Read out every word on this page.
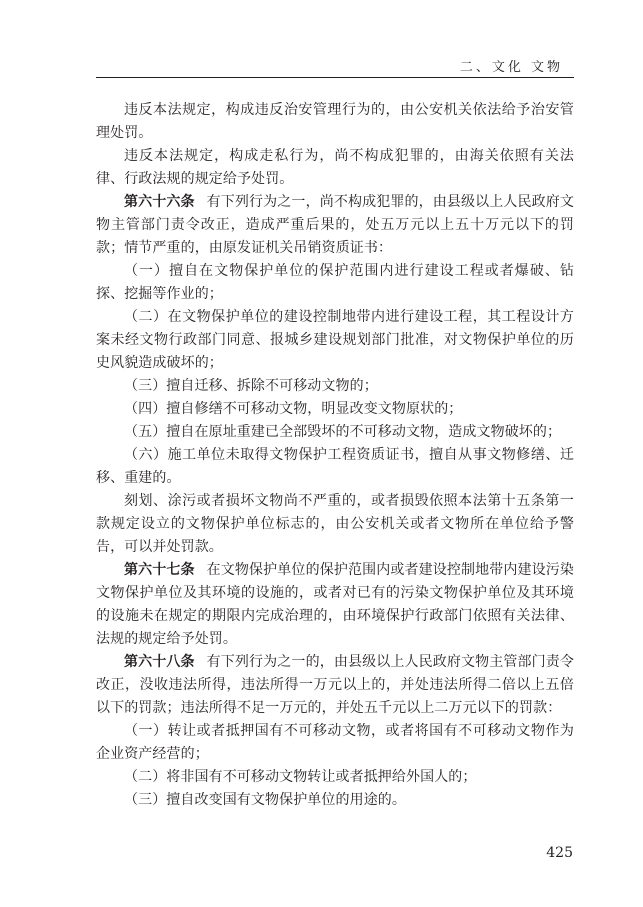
二、文化 文物

违反本法规定，构成违反治安管理行为的，由公安机关依法给予治安管理处罚。

违反本法规定，构成走私行为，尚不构成犯罪的，由海关依照有关法律、行政法规的规定给予处罚。

第六十六条 有下列行为之一，尚不构成犯罪的，由县级以上人民政府文物主管部门责令改正，造成严重后果的，处五万元以上五十万元以下的罚款；情节严重的，由原发证机关吊销资质证书：

（一）擅自在文物保护单位的保护范围内进行建设工程或者爆破、钻探、挖掘等作业的；

（二）在文物保护单位的建设控制地带内进行建设工程，其工程设计方案未经文物行政部门同意、报城乡建设规划部门批准，对文物保护单位的历史风貌造成破坏的；

（三）擅自迁移、拆除不可移动文物的；

（四）擅自修缮不可移动文物，明显改变文物原状的；

（五）擅自在原址重建已全部毁坏的不可移动文物，造成文物破坏的；

（六）施工单位未取得文物保护工程资质证书，擅自从事文物修缮、迁移、重建的。

刻划、涂污或者损坏文物尚不严重的，或者损毁依照本法第十五条第一款规定设立的文物保护单位标志的，由公安机关或者文物所在单位给予警告，可以并处罚款。

第六十七条 在文物保护单位的保护范围内或者建设控制地带内建设污染文物保护单位及其环境的设施的，或者对已有的污染文物保护单位及其环境的设施未在规定的期限内完成治理的，由环境保护行政部门依照有关法律、法规的规定给予处罚。

第六十八条 有下列行为之一的，由县级以上人民政府文物主管部门责令改正，没收违法所得，违法所得一万元以上的，并处违法所得二倍以上五倍以下的罚款；违法所得不足一万元的，并处五千元以上二万元以下的罚款：

（一）转让或者抵押国有不可移动文物，或者将国有不可移动文物作为企业资产经营的；

（二）将非国有不可移动文物转让或者抵押给外国人的；

（三）擅自改变国有文物保护单位的用途的。

425
